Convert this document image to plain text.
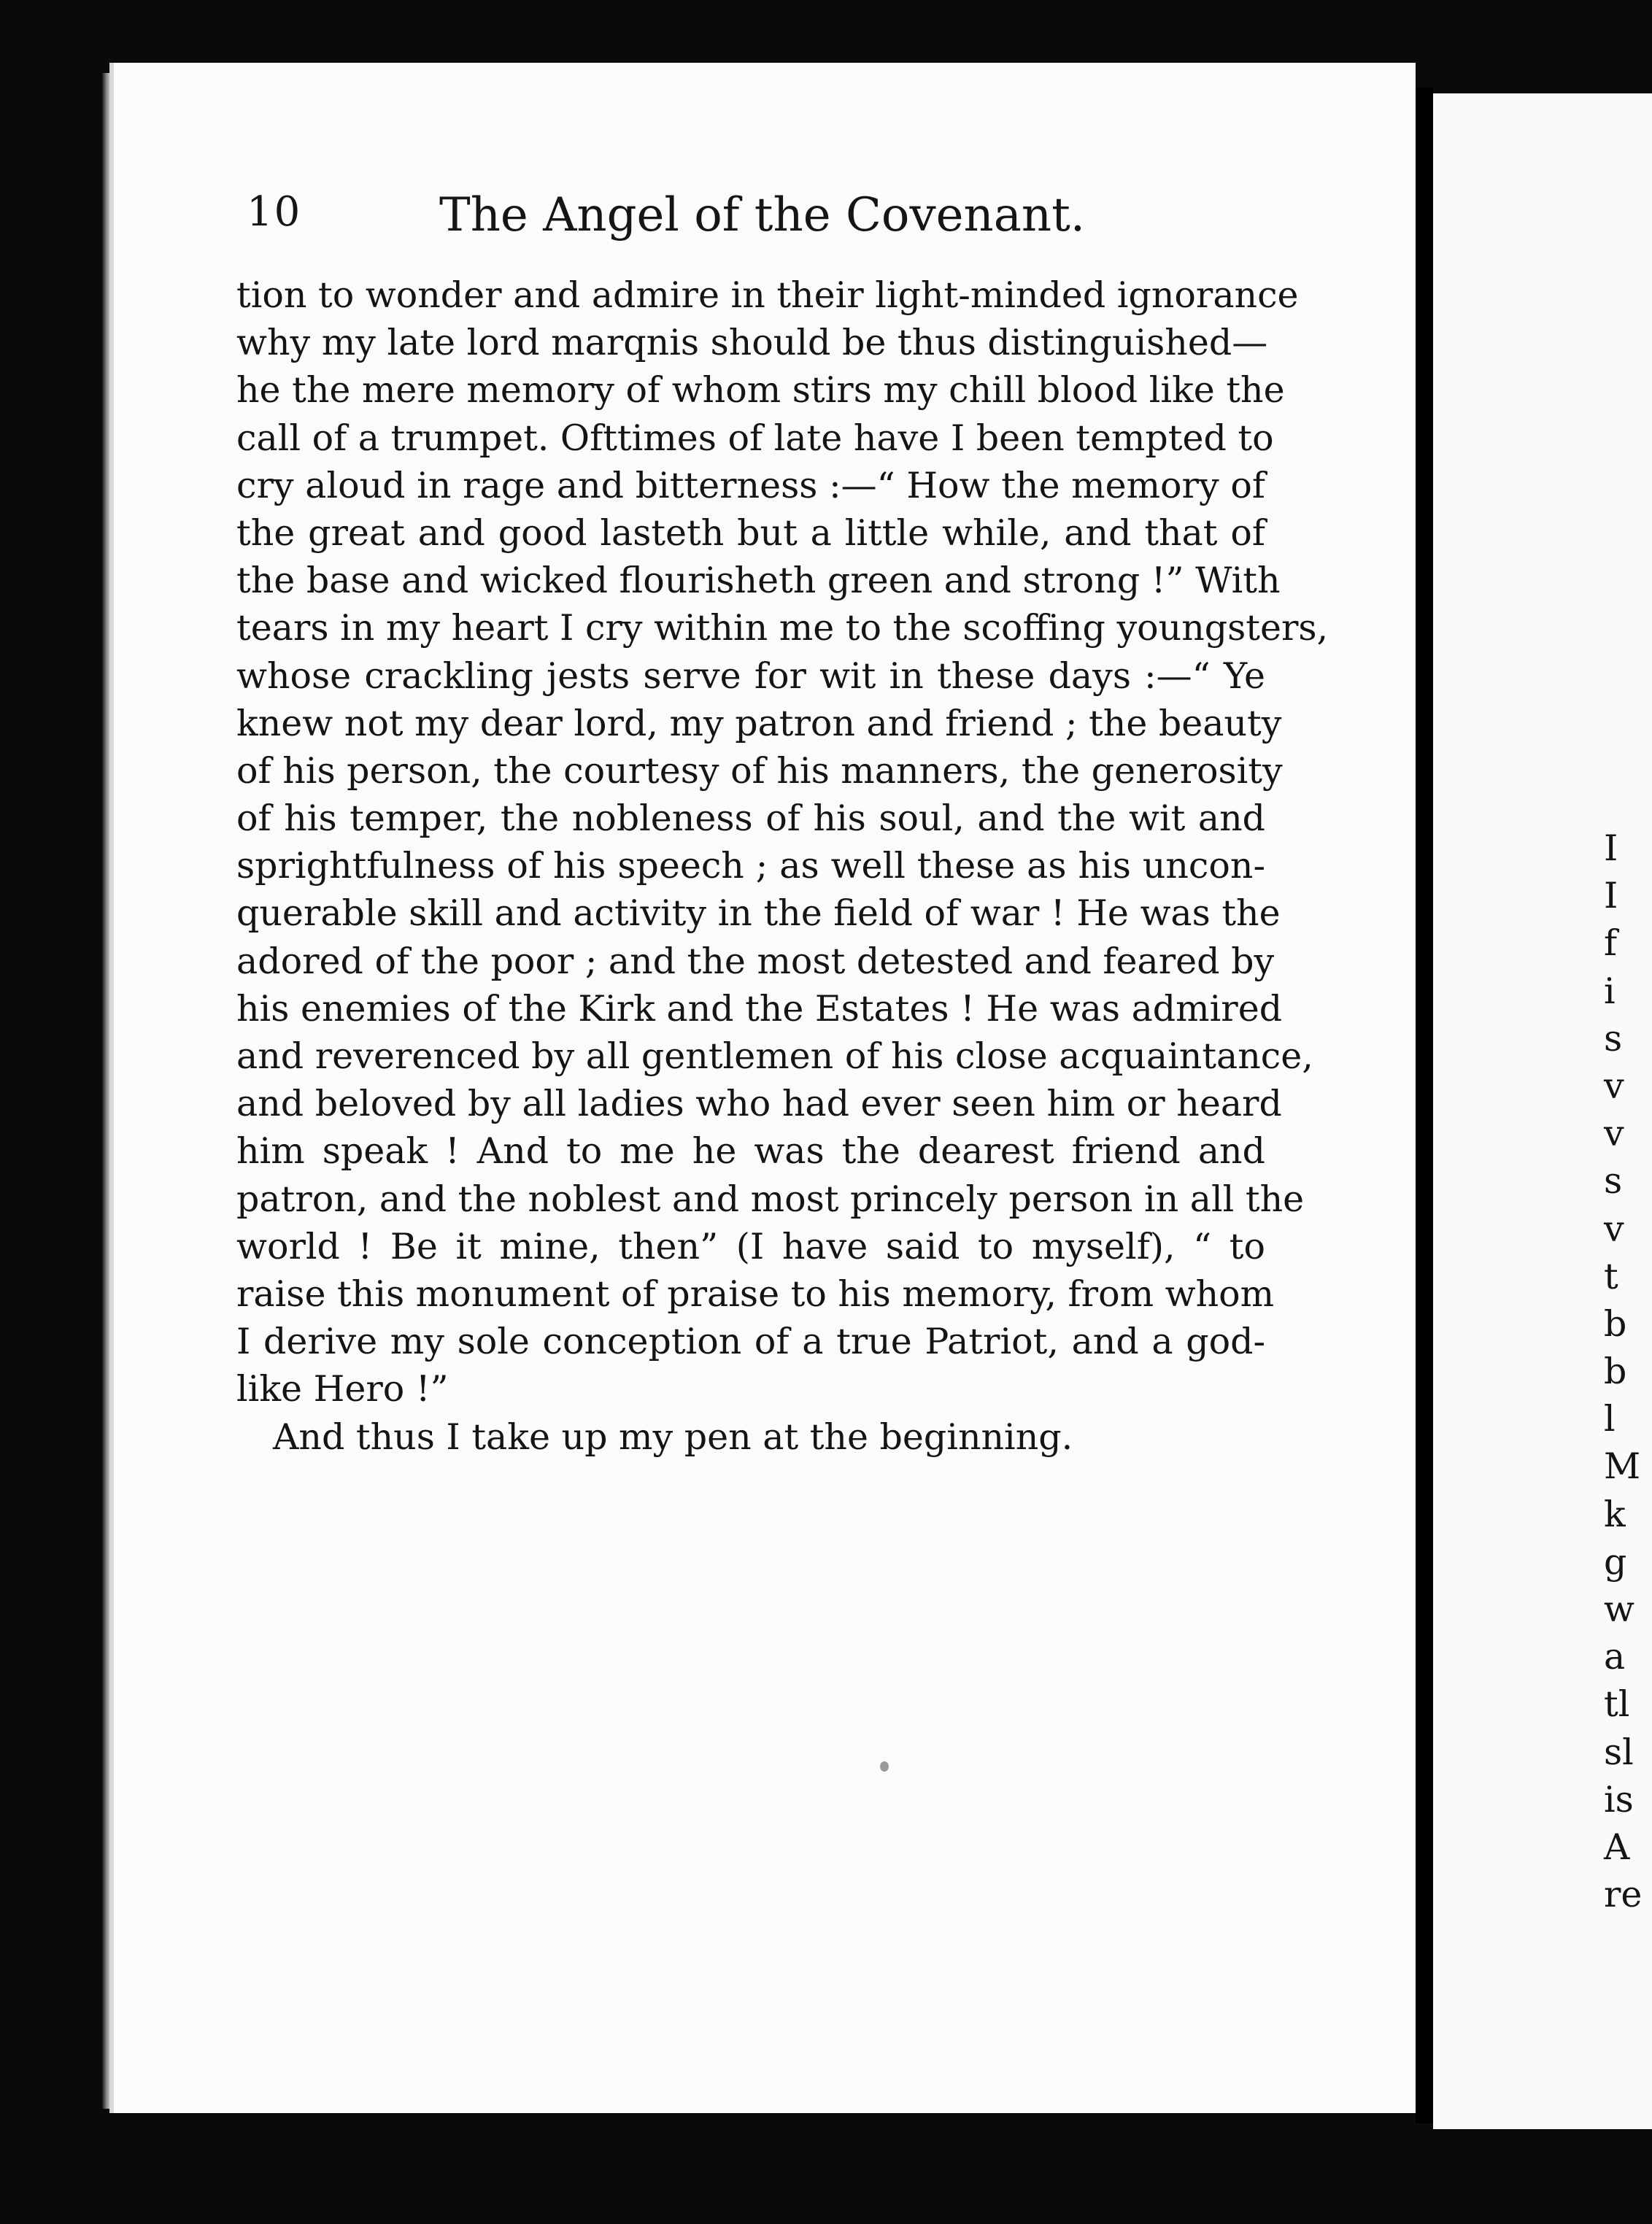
10	The Angel of the Covenant.
tion to wonder and admire in their light-minded ignorance
why my late lord marqnis should be thus distinguished—
he the mere memory of whom stirs my chill blood like the
call of a trumpet. Ofttimes of late have I been tempted to
cry aloud in rage and bitterness :—“ How the memory of
the great and good lasteth but a little while, and that of
the base and wicked flourisheth green and strong !” With
tears in my heart I cry within me to the scoffing youngsters,
whose crackling jests serve for wit in these days :—“ Ye
knew not my dear lord, my patron and friend ; the beauty
of his person, the courtesy of his manners, the generosity
of his temper, the nobleness of his soul, and the wit and
sprightfulness of his speech ; as well these as his uncon-
querable skill and activity in the field of war ! He was the
adored of the poor ; and the most detested and feared by
his enemies of the Kirk and the Estates ! He was admired
and reverenced by all gentlemen of his close acquaintance,
and beloved by all ladies who had ever seen him or heard
him speak ! And to me he was the dearest friend and
patron, and the noblest and most princely person in all the
world ! Be it mine, then” (I have said to myself), “ to
raise this monument of praise to his memory, from whom
I derive my sole conception of a true Patriot, and a god-
like Hero !”
And thus I take up my pen at the beginning.
I
I
f
i
s
v
v
s
v
t
b
b
l
M
k
g
w
a
tl
sl
is
A
re
